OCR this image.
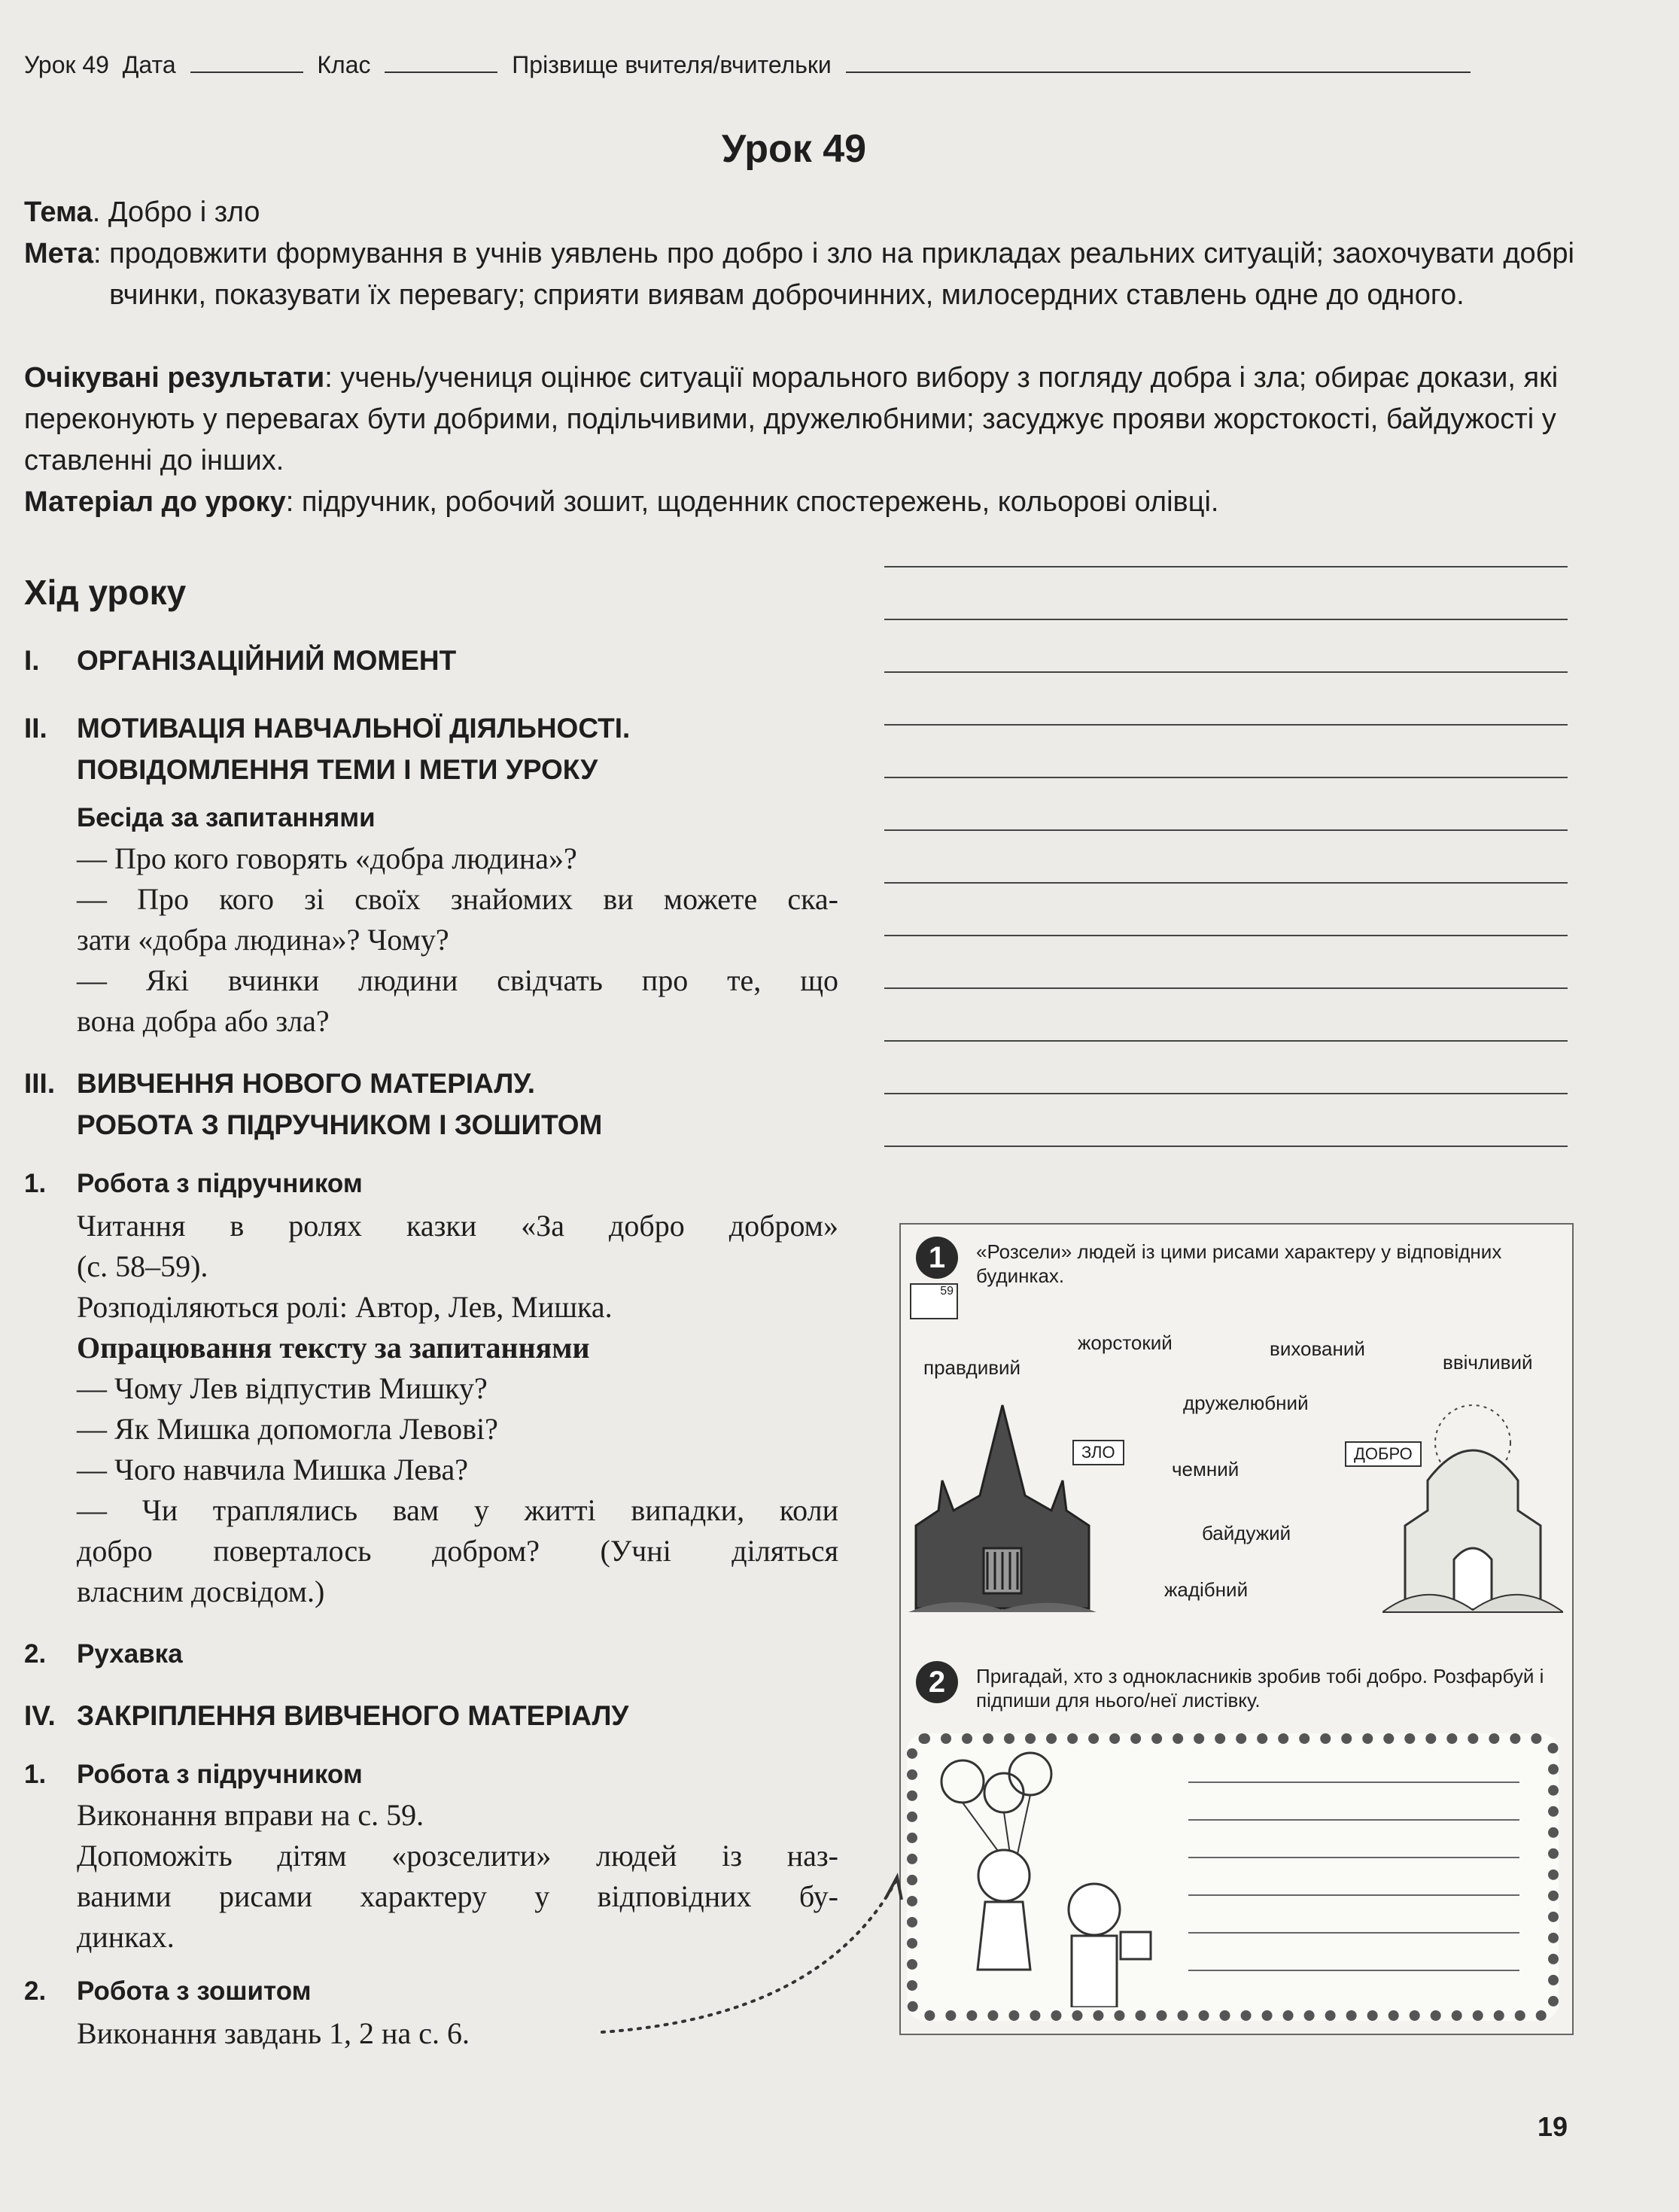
Урок 49 Дата	Клас	Прізвище вчителя/вчительки
Урок 49
Тема. Добро і зло
Мета: продовжити формування в учнів уявлень про добро і зло на прикладах реальних ситуацій; заохочувати добрі вчинки, показувати їх перевагу; сприяти виявам доброчинних, милосердних ставлень одне до одного.
Очікувані результати: учень/учениця оцінює ситуації морального вибору з погляду добра і зла; обирає докази, які переконують у перевагах бути добрими, подільчивими, дружелюбними; засуджує прояви жорстокості, байдужості у ставленні до інших.
Матеріал до уроку: підручник, робочий зошит, щоденник спостережень, кольорові олівці.
Хід уроку
I. ОРГАНІЗАЦІЙНИЙ МОМЕНТ
II. МОТИВАЦІЯ НАВЧАЛЬНОЇ ДІЯЛЬНОСТІ.
ПОВІДОМЛЕННЯ ТЕМИ І МЕТИ УРОКУ
Бесіда за запитаннями
— Про кого говорять «добра людина»?
— Про кого зі своїх знайомих ви можете ска-
зати «добра людина»? Чому?
— Які вчинки людини свідчать про те, що
вона добра або зла?
III. ВИВЧЕННЯ НОВОГО МАТЕРІАЛУ.
РОБОТА З ПІДРУЧНИКОМ І ЗОШИТОМ
1. Робота з підручником
Читання в ролях казки «За добро добром»
(с. 58–59).
Розподіляються ролі: Автор, Лев, Мишка.
Опрацювання тексту за запитаннями
— Чому Лев відпустив Мишку?
— Як Мишка допомогла Левові?
— Чого навчила Мишка Лева?
— Чи траплялись вам у житті випадки, коли
добро поверталось добром? (Учні діляться
власним досвідом.)
2. Рухавка
IV. ЗАКРІПЛЕННЯ ВИВЧЕНОГО МАТЕРІАЛУ
1. Робота з підручником
Виконання вправи на с. 59.
Допоможіть дітям «розселити» людей із наз-
ваними рисами характеру у відповідних бу-
динках.
2. Робота з зошитом
Виконання завдань 1, 2 на с. 6.
1	«Розсели» людей із цими рисами характеру у відповідних будинках.
59
правдивий
жорстокий	вихований
ввічливий
дружелюбний
чемний
байдужий
жадібний
ЗЛО	ДОБРО
2	Пригадай, хто з однокласників зробив тобі добро. Розфарбуй і підпиши для нього/неї листівку.
19
